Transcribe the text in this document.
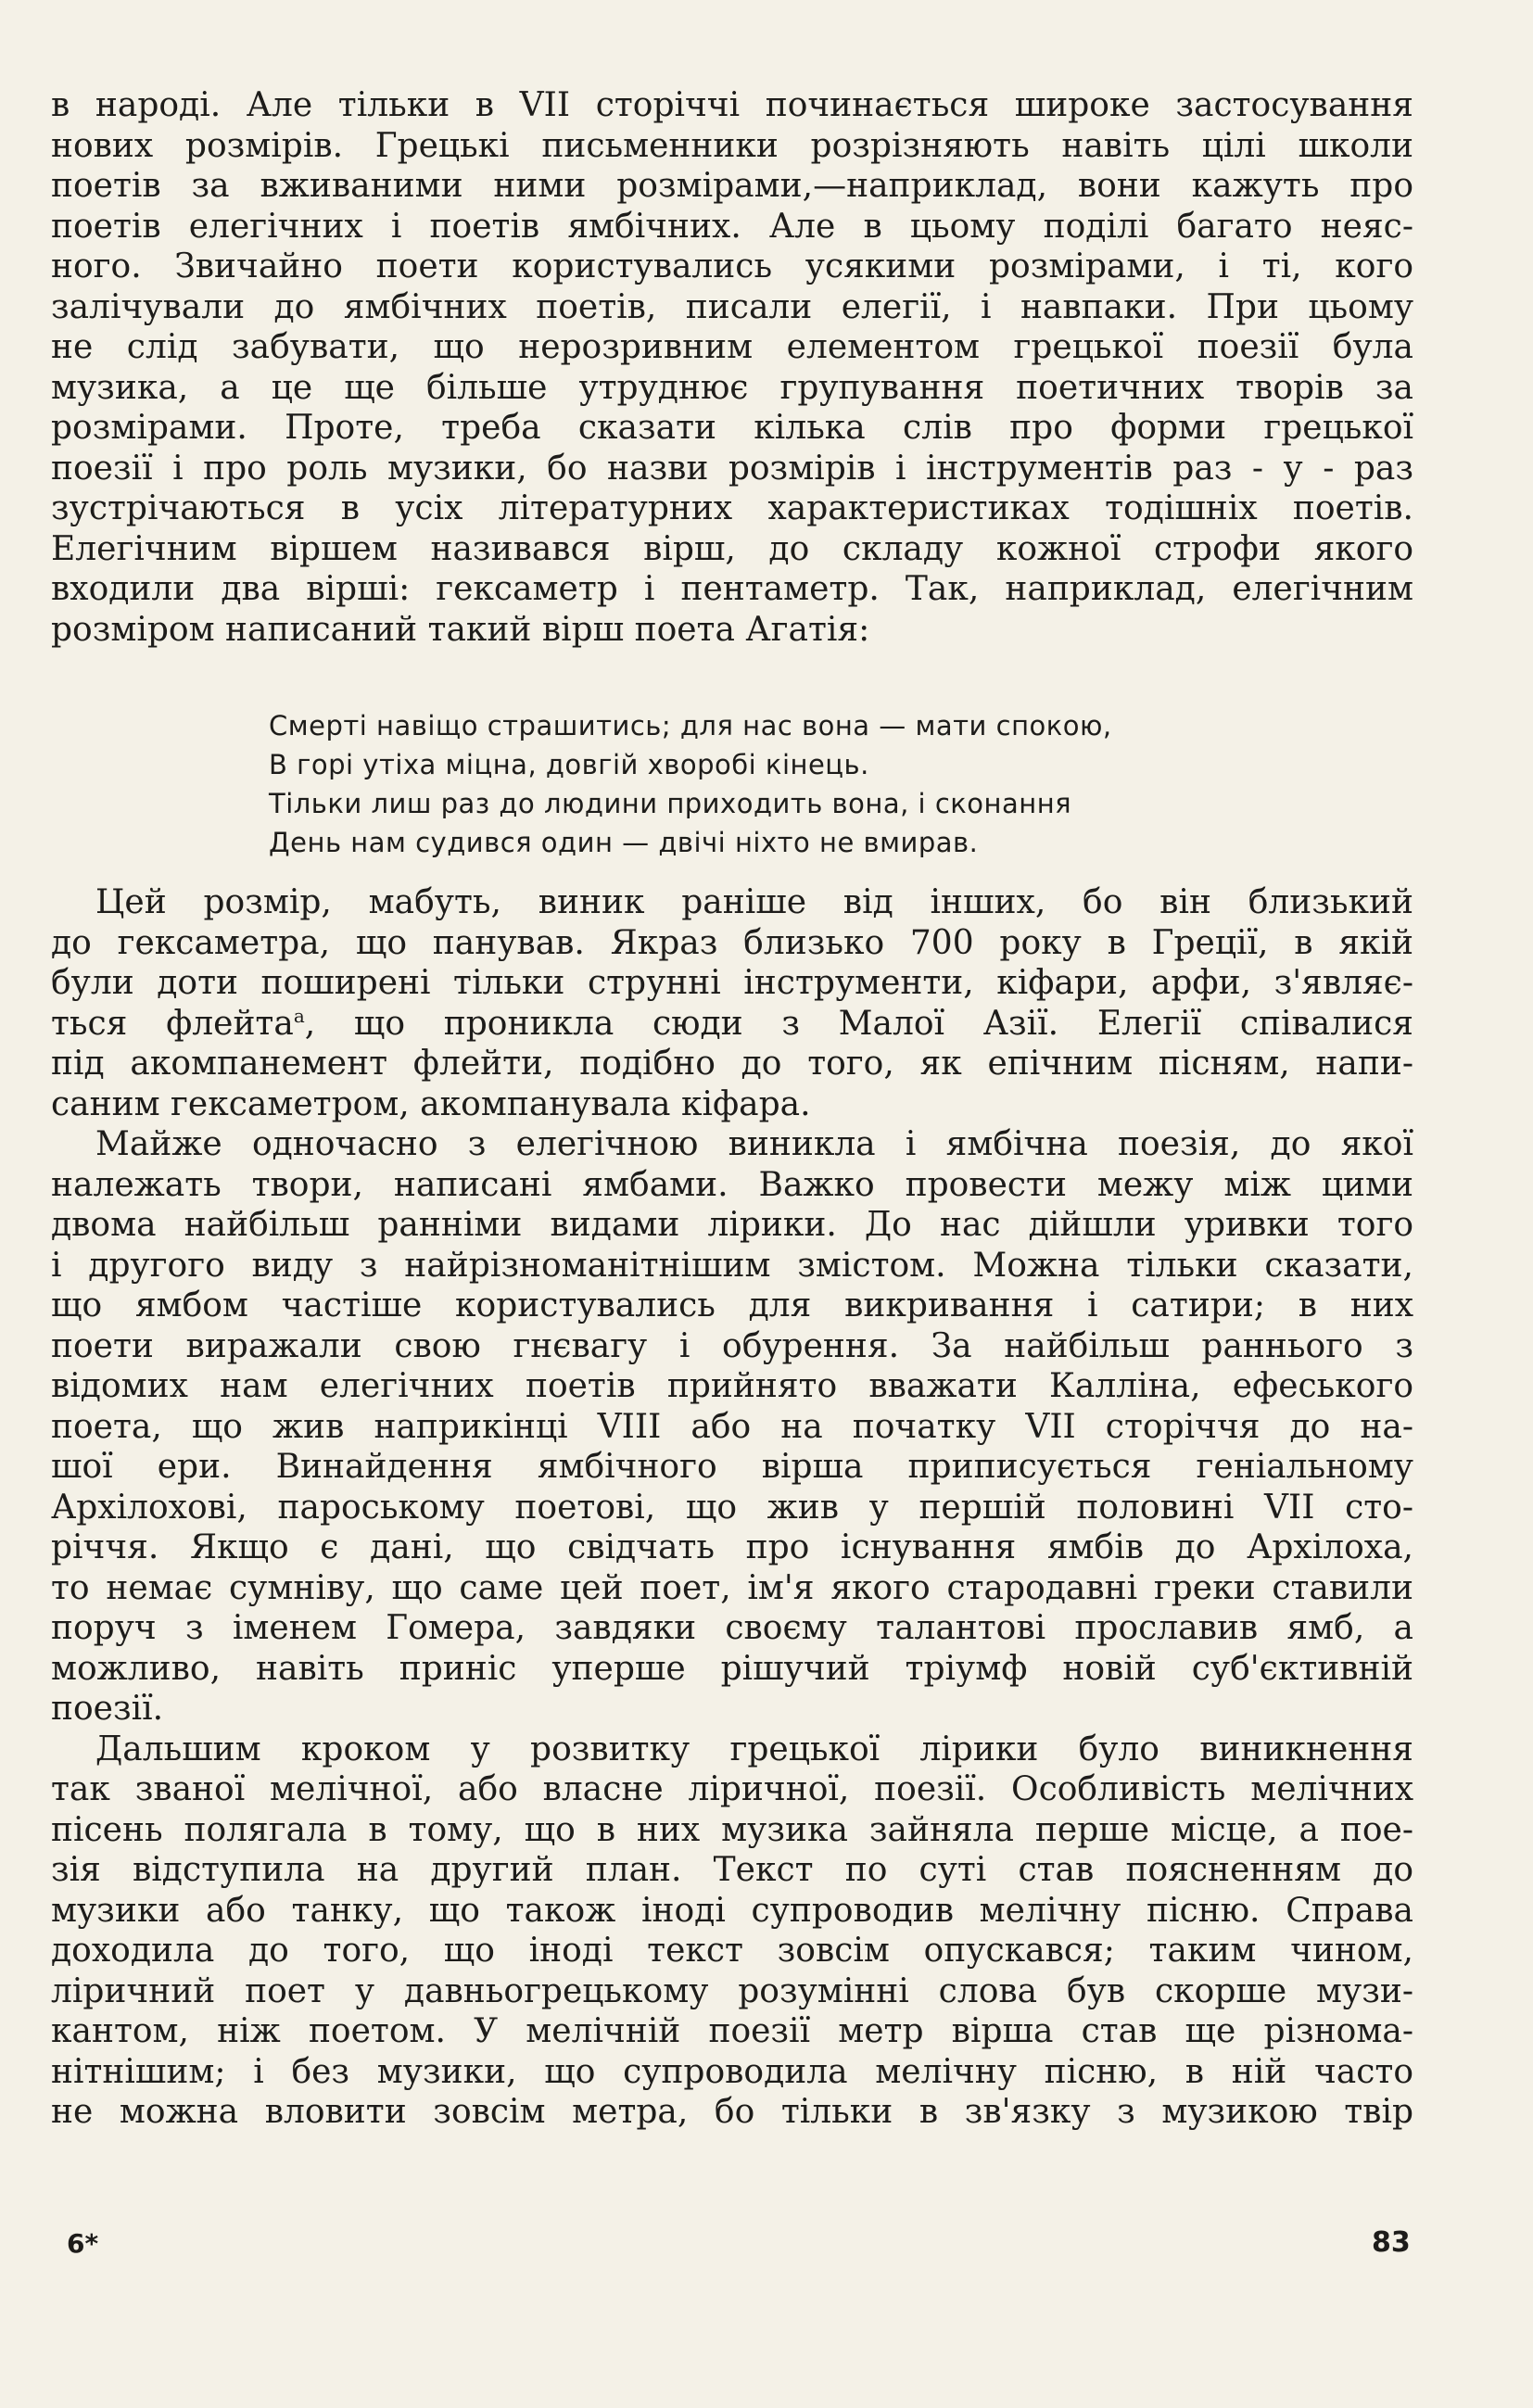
в народі. Але тільки в VII сторіччі починається широке застосування
нових розмірів. Грецькі письменники розрізняють навіть цілі школи
поетів за вживаними ними розмірами,—наприклад, вони кажуть про
поетів елегічних і поетів ямбічних. Але в цьому поділі багато неяс-
ного. Звичайно поети користувались усякими розмірами, і ті, кого
залічували до ямбічних поетів, писали елегії, і навпаки. При цьому
не слід забувати, що нерозривним елементом грецької поезії була
музика, а це ще більше утруднює групування поетичних творів за
розмірами. Проте, треба сказати кілька слів про форми грецької
поезії і про роль музики, бо назви розмірів і інструментів раз - у - раз
зустрічаються в усіх літературних характеристиках тодішніх поетів.
Елегічним віршем називався вірш, до складу кожної строфи якого
входили два вірші: гексаметр і пентаметр. Так, наприклад, елегічним
розміром написаний такий вірш поета Агатія:
Смерті навіщо страшитись; для нас вона — мати спокою,
В горі утіха міцна, довгій хворобі кінець.
Тільки лиш раз до людини приходить вона, і сконання
День нам судився один — двічі ніхто не вмирав.
Цей розмір, мабуть, виник раніше від інших, бо він близький
до гексаметра, що панував. Якраз близько 700 року в Греції, в якій
були доти поширені тільки струнні інструменти, кіфари, арфи, з'являє-
ться флейта$^а$, що проникла сюди з Малої Азії. Елегії співалися
під акомпанемент флейти, подібно до того, як епічним пісням, напи-
саним гексаметром, акомпанувала кіфара.
Майже одночасно з елегічною виникла і ямбічна поезія, до якої
належать твори, написані ямбами. Важко провести межу між цими
двома найбільш ранніми видами лірики. До нас дійшли уривки того
і другого виду з найрізноманітнішим змістом. Можна тільки сказати,
що ямбом частіше користувались для викривання і сатири; в них
поети виражали свою гнєвагу і обурення. За найбільш раннього з
відомих нам елегічних поетів прийнято вважати Калліна, ефеського
поета, що жив наприкінці VIII або на початку VII сторіччя до на-
шої ери. Винайдення ямбічного вірша приписується геніальному
Архілохові, пароському поетові, що жив у першій половині VII сто-
річчя. Якщо є дані, що свідчать про існування ямбів до Архілоха,
то немає сумніву, що саме цей поет, ім'я якого стародавні греки ставили
поруч з іменем Гомера, завдяки своєму талантові прославив ямб, а
можливо, навіть приніс уперше рішучий тріумф новій суб'єктивній
поезії.
Дальшим кроком у розвитку грецької лірики було виникнення
так званої мелічної, або власне ліричної, поезії. Особливість мелічних
пісень полягала в тому, що в них музика зайняла перше місце, а пое-
зія відступила на другий план. Текст по суті став поясненням до
музики або танку, що також іноді супроводив мелічну пісню. Справа
доходила до того, що іноді текст зовсім опускався; таким чином,
ліричний поет у давньогрецькому розумінні слова був скорше музи-
кантом, ніж поетом. У мелічній поезії метр вірша став ще різнома-
нітнішим; і без музики, що супроводила мелічну пісню, в ній часто
не можна вловити зовсім метра, бо тільки в зв'язку з музикою твір
6*	83
